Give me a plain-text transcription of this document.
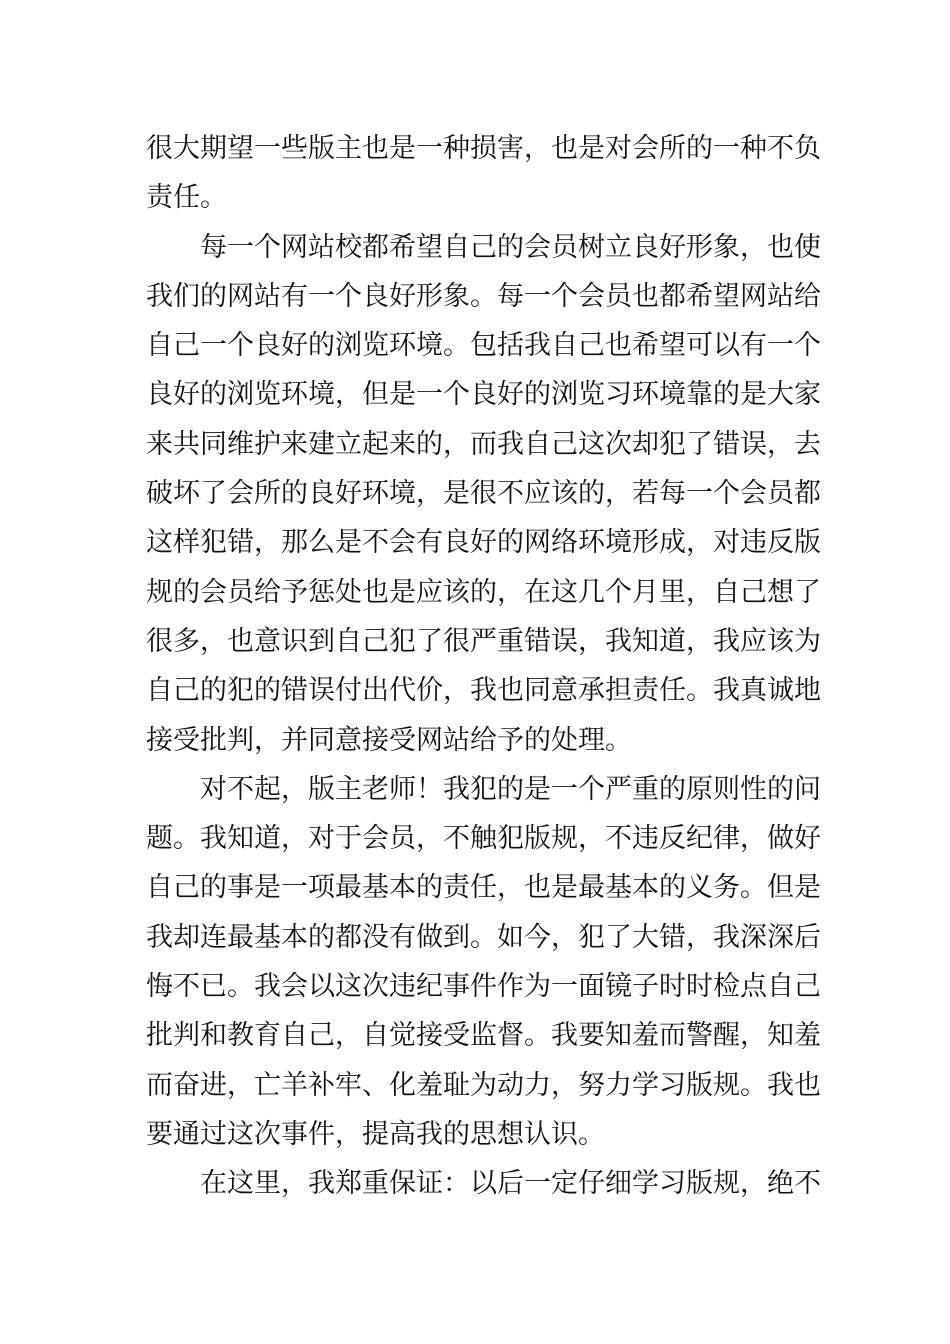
很大期望一些版主也是一种损害，也是对会所的一种不负
责任。
每一个网站校都希望自己的会员树立良好形象，也使
我们的网站有一个良好形象。每一个会员也都希望网站给
自己一个良好的浏览环境。包括我自己也希望可以有一个
良好的浏览环境，但是一个良好的浏览习环境靠的是大家
来共同维护来建立起来的，而我自己这次却犯了错误，去
破坏了会所的良好环境，是很不应该的，若每一个会员都
这样犯错，那么是不会有良好的网络环境形成，对违反版
规的会员给予惩处也是应该的，在这几个月里，自己想了
很多，也意识到自己犯了很严重错误，我知道，我应该为
自己的犯的错误付出代价，我也同意承担责任。我真诚地
接受批判，并同意接受网站给予的处理。
对不起，版主老师！我犯的是一个严重的原则性的问
题。我知道，对于会员，不触犯版规，不违反纪律，做好
自己的事是一项最基本的责任，也是最基本的义务。但是
我却连最基本的都没有做到。如今，犯了大错，我深深后
悔不已。我会以这次违纪事件作为一面镜子时时检点自己
批判和教育自己，自觉接受监督。我要知羞而警醒，知羞
而奋进，亡羊补牢、化羞耻为动力，努力学习版规。我也
要通过这次事件，提高我的思想认识。
在这里，我郑重保证：以后一定仔细学习版规，绝不
